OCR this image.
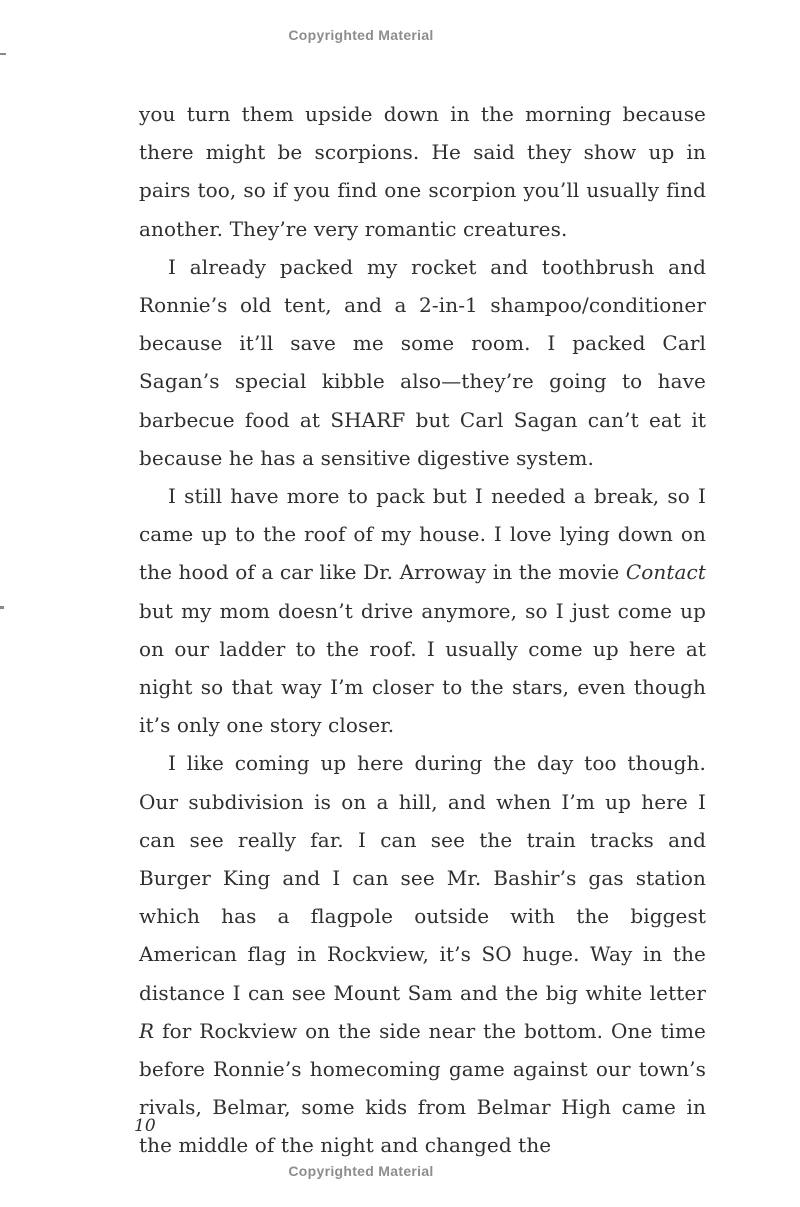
Copyrighted Material

you turn them upside down in the morning because there might be scorpions. He said they show up in pairs too, so if you find one scorpion you’ll usually find another. They’re very romantic creatures.

I already packed my rocket and toothbrush and Ronnie’s old tent, and a 2-in-1 shampoo/conditioner because it’ll save me some room. I packed Carl Sagan’s special kibble also—they’re going to have barbecue food at SHARF but Carl Sagan can’t eat it because he has a sensitive digestive system.

I still have more to pack but I needed a break, so I came up to the roof of my house. I love lying down on the hood of a car like Dr. Arroway in the movie Contact but my mom doesn’t drive anymore, so I just come up on our ladder to the roof. I usually come up here at night so that way I’m closer to the stars, even though it’s only one story closer.

I like coming up here during the day too though. Our subdivision is on a hill, and when I’m up here I can see really far. I can see the train tracks and Burger King and I can see Mr. Bashir’s gas station which has a flagpole outside with the biggest American flag in Rockview, it’s SO huge. Way in the distance I can see Mount Sam and the big white letter R for Rockview on the side near the bottom. One time before Ronnie’s homecoming game against our town’s rivals, Belmar, some kids from Belmar High came in the middle of the night and changed the

10
Copyrighted Material
